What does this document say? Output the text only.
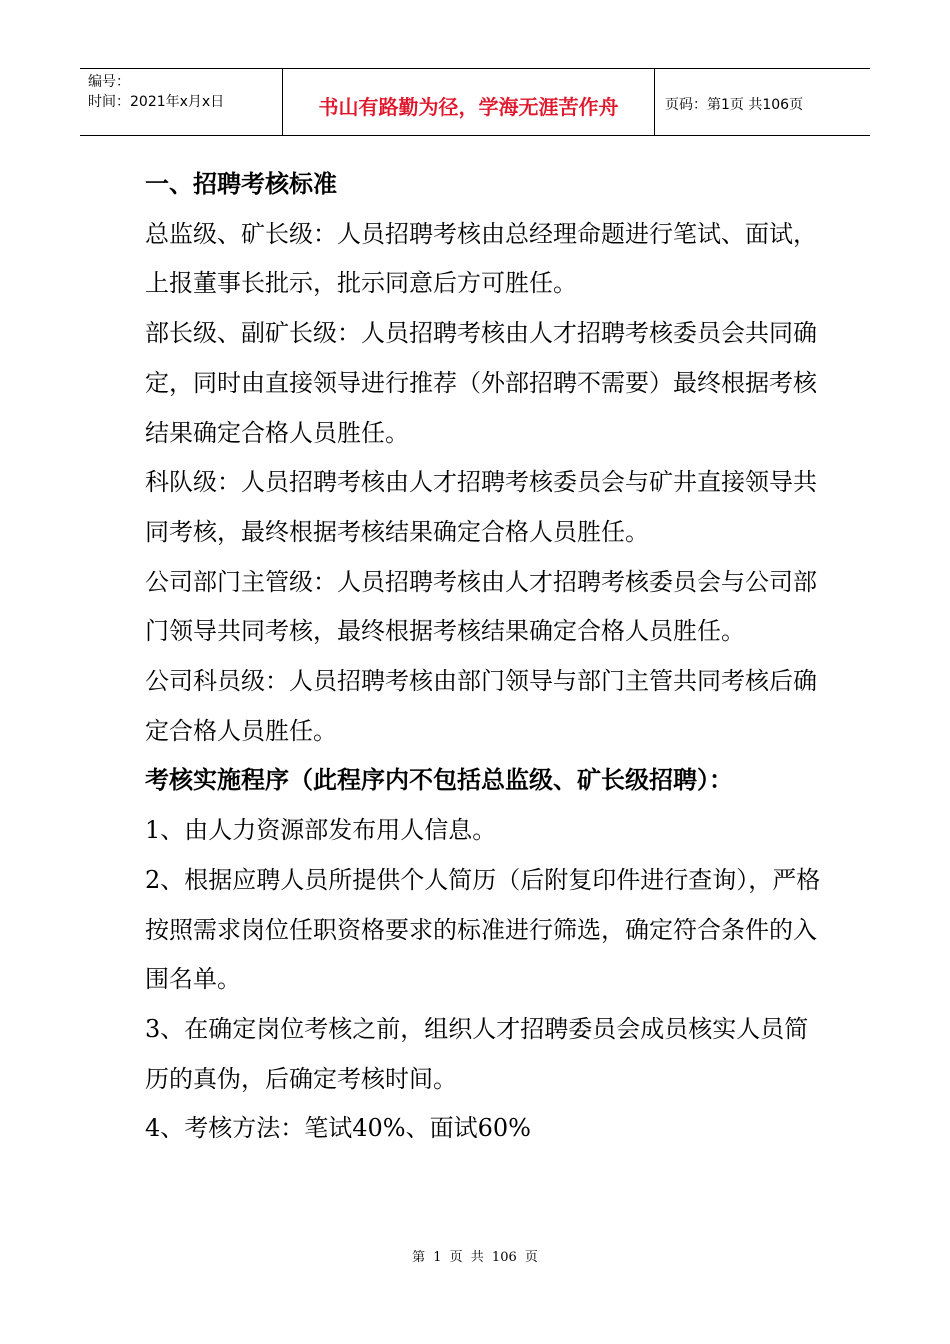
编号：
时间：2021年x月x日	书山有路勤为径，学海无涯苦作舟	页码：第1页 共106页

一、招聘考核标准

总监级、矿长级：人员招聘考核由总经理命题进行笔试、面试，上报董事长批示，批示同意后方可胜任。

部长级、副矿长级：人员招聘考核由人才招聘考核委员会共同确定，同时由直接领导进行推荐（外部招聘不需要）最终根据考核结果确定合格人员胜任。

科队级：人员招聘考核由人才招聘考核委员会与矿井直接领导共同考核，最终根据考核结果确定合格人员胜任。

公司部门主管级：人员招聘考核由人才招聘考核委员会与公司部门领导共同考核，最终根据考核结果确定合格人员胜任。

公司科员级：人员招聘考核由部门领导与部门主管共同考核后确定合格人员胜任。

考核实施程序（此程序内不包括总监级、矿长级招聘）：

1、由人力资源部发布用人信息。

2、根据应聘人员所提供个人简历（后附复印件进行查询），严格按照需求岗位任职资格要求的标准进行筛选，确定符合条件的入围名单。

3、在确定岗位考核之前，组织人才招聘委员会成员核实人员简历的真伪，后确定考核时间。

4、考核方法：笔试40%、面试60%

第 1 页 共 106 页
